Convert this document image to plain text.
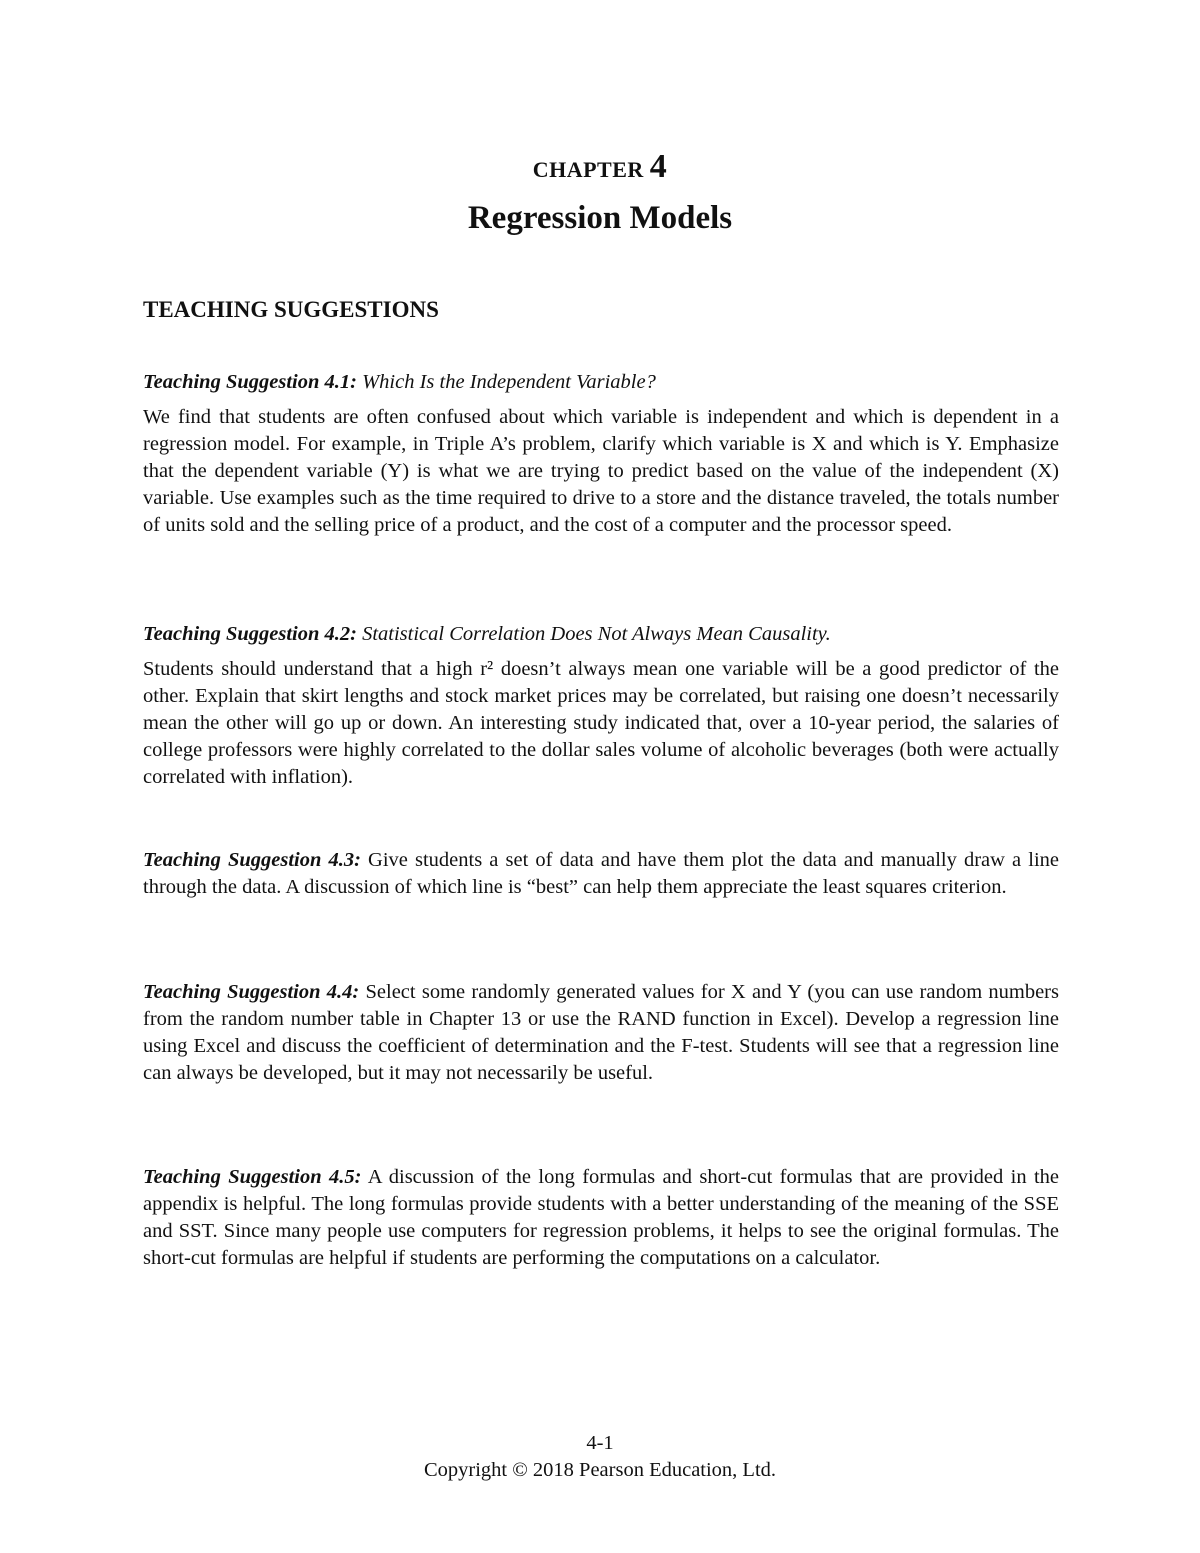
CHAPTER 4
Regression Models
TEACHING SUGGESTIONS

Teaching Suggestion 4.1: Which Is the Independent Variable?

We find that students are often confused about which variable is independent and which is dependent in a regression model. For example, in Triple A’s problem, clarify which variable is X and which is Y. Emphasize that the dependent variable (Y) is what we are trying to predict based on the value of the independent (X) variable. Use examples such as the time required to drive to a store and the distance traveled, the totals number of units sold and the selling price of a product, and the cost of a computer and the processor speed.

Teaching Suggestion 4.2: Statistical Correlation Does Not Always Mean Causality.

Students should understand that a high r² doesn’t always mean one variable will be a good predictor of the other. Explain that skirt lengths and stock market prices may be correlated, but raising one doesn’t necessarily mean the other will go up or down. An interesting study indicated that, over a 10-year period, the salaries of college professors were highly correlated to the dollar sales volume of alcoholic beverages (both were actually correlated with inflation).

Teaching Suggestion 4.3: Give students a set of data and have them plot the data and manually draw a line through the data. A discussion of which line is “best” can help them appreciate the least squares criterion.

Teaching Suggestion 4.4: Select some randomly generated values for X and Y (you can use random numbers from the random number table in Chapter 13 or use the RAND function in Excel). Develop a regression line using Excel and discuss the coefficient of determination and the F-test. Students will see that a regression line can always be developed, but it may not necessarily be useful.

Teaching Suggestion 4.5: A discussion of the long formulas and short-cut formulas that are provided in the appendix is helpful. The long formulas provide students with a better understanding of the meaning of the SSE and SST. Since many people use computers for regression problems, it helps to see the original formulas. The short-cut formulas are helpful if students are performing the computations on a calculator.

4-1
Copyright © 2018 Pearson Education, Ltd.
